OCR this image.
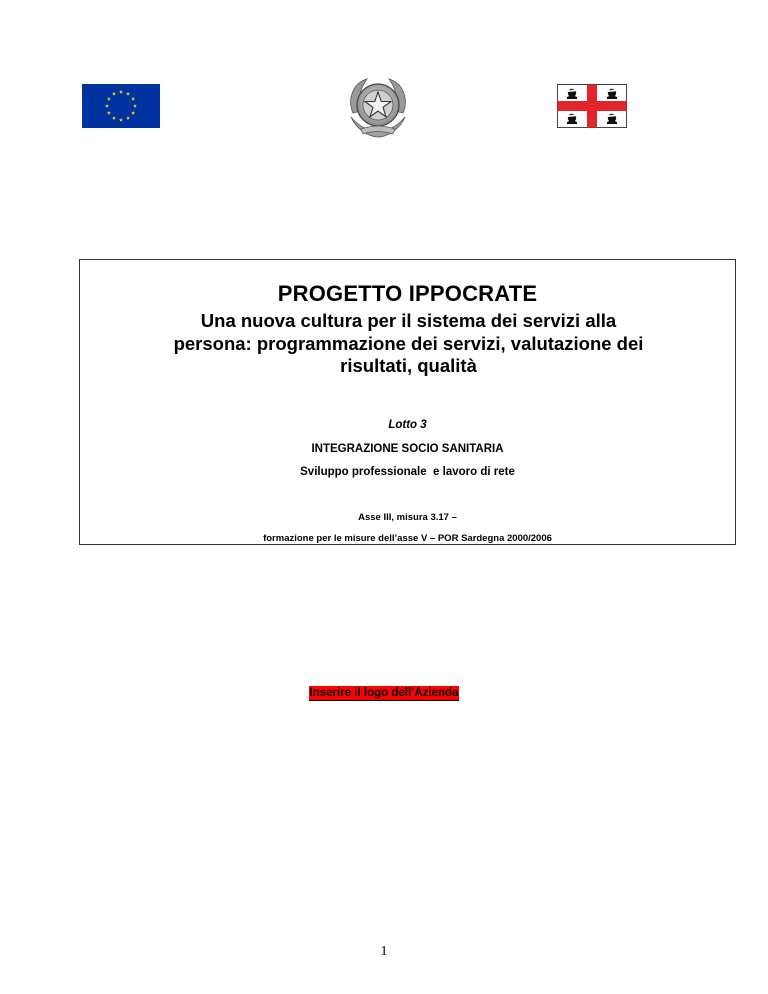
PROGETTO IPPOCRATE

Una nuova cultura per il sistema dei servizi alla
persona: programmazione dei servizi, valutazione dei
risultati, qualità

Lotto 3

INTEGRAZIONE SOCIO SANITARIA

Sviluppo professionale  e lavoro di rete

Asse III, misura 3.17 –

formazione per le misure dell’asse V – POR Sardegna 2000/2006

Inserire il logo dell’Azienda
1
